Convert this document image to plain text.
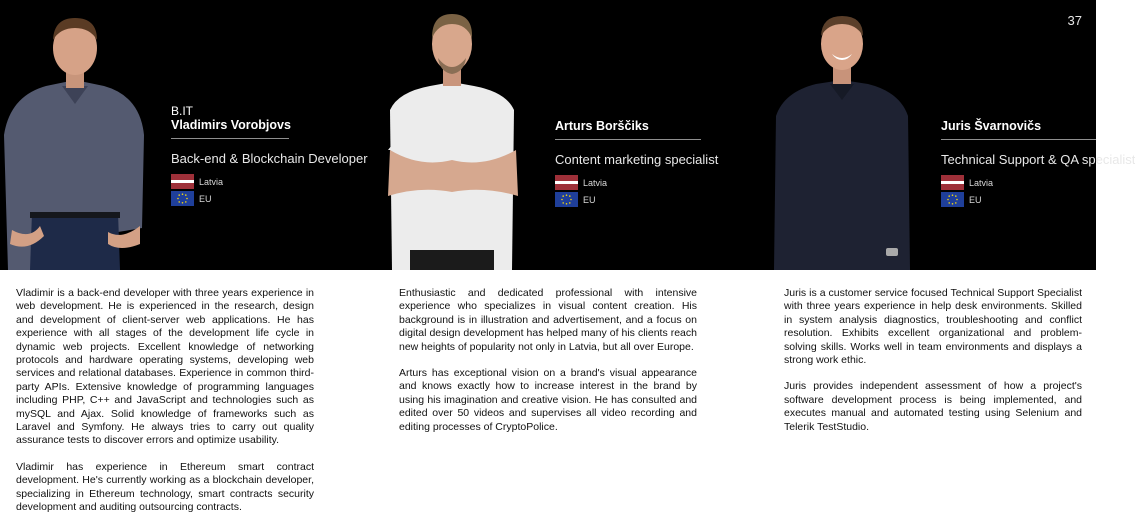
37
B.IT
Vladimirs Vorobjovs
Back-end & Blockchain Developer
Latvia
EU
Arturs Borščiks
Content marketing specialist
Latvia
EU
Juris Švarnovičs
Technical Support & QA specialist
Latvia
EU

Vladimir is a back-end developer with three years experience in web development. He is experienced in the research, design and development of client-server web applications. He has experience with all stages of the development life cycle in dynamic web projects. Excellent knowledge of networking protocols and hardware operating systems, developing web services and relational databases. Experience in common third-party APIs. Extensive knowledge of programming languages including PHP, C++ and JavaScript and technologies such as mySQL and Ajax. Solid knowledge of frameworks such as Laravel and Symfony. He always tries to carry out quality assurance tests to discover errors and optimize usability.

Vladimir has experience in Ethereum smart contract development. He's currently working as a blockchain developer, specializing in Ethereum technology, smart contracts security development and auditing outsourcing contracts.

Enthusiastic and dedicated professional with intensive experience who specializes in visual content creation. His background is in illustration and advertisement, and a focus on digital design development has helped many of his clients reach new heights of popularity not only in Latvia, but all over Europe.

Arturs has exceptional vision on a brand's visual appearance and knows exactly how to increase interest in the brand by using his imagination and creative vision. He has consulted and edited over 50 videos and supervises all video recording and editing processes of CryptoPolice.

Juris is a customer service focused Technical Support Specialist with three years experience in help desk environments. Skilled in system analysis diagnostics, troubleshooting and conflict resolution. Exhibits excellent organizational and problem-solving skills. Works well in team environments and displays a strong work ethic.

Juris provides independent assessment of how a project's software development process is being implemented, and executes manual and automated testing using Selenium and Telerik TestStudio.
